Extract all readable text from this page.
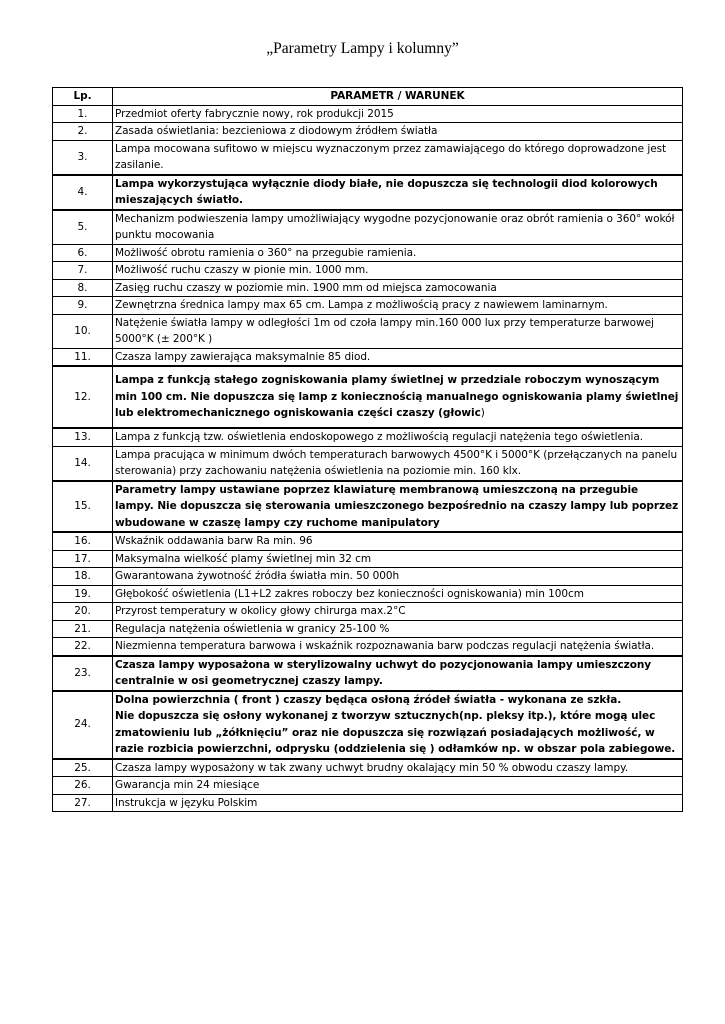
„Parametry Lampy i kolumny”
Lp.	PARAMETR / WARUNEK
1.	Przedmiot oferty fabrycznie nowy, rok produkcji 2015
2.	Zasada oświetlania: bezcieniowa z diodowym źródłem światła
3.	Lampa mocowana sufitowo w miejscu wyznaczonym przez zamawiającego do którego doprowadzone jest zasilanie.
4.	Lampa wykorzystująca wyłącznie diody białe, nie dopuszcza się technologii diod kolorowych mieszających światło.
5.	Mechanizm podwieszenia lampy umożliwiający wygodne pozycjonowanie oraz obrót ramienia o 360° wokół punktu mocowania
6.	Możliwość obrotu ramienia o 360° na przegubie ramienia.
7.	Możliwość ruchu czaszy w pionie min. 1000 mm.
8.	Zasięg ruchu czaszy w poziomie min. 1900 mm od miejsca zamocowania
9.	Zewnętrzna średnica lampy max 65 cm. Lampa z możliwością pracy z nawiewem laminarnym.
10.	Natężenie światła lampy w odległości 1m od czoła lampy min.160 000 lux przy temperaturze barwowej 5000°K (± 200°K )
11.	Czasza lampy zawierająca maksymalnie 85 diod.
12.	Lampa z funkcją stałego zogniskowania plamy świetlnej w przedziale roboczym wynoszącym min 100 cm. Nie dopuszcza się lamp z koniecznością manualnego ogniskowania plamy świetlnej lub elektromechanicznego ogniskowania części czaszy (głowic)
13.	Lampa z funkcją tzw. oświetlenia endoskopowego z możliwością regulacji natężenia tego oświetlenia.
14.	Lampa pracująca w minimum dwóch temperaturach barwowych 4500°K i 5000°K (przełączanych na panelu sterowania) przy zachowaniu natężenia oświetlenia na poziomie min. 160 klx.
15.	Parametry lampy ustawiane poprzez klawiaturę membranową umieszczoną na przegubie lampy. Nie dopuszcza się sterowania umieszczonego bezpośrednio na czaszy lampy lub poprzez wbudowane w czaszę lampy czy ruchome manipulatory
16.	Wskaźnik oddawania barw Ra min. 96
17.	Maksymalna wielkość plamy świetlnej min 32 cm
18.	Gwarantowana żywotność źródła światła min. 50 000h
19.	Głębokość oświetlenia (L1+L2 zakres roboczy bez konieczności ogniskowania) min 100cm
20.	Przyrost temperatury w okolicy głowy chirurga max.2°C
21.	Regulacja natężenia oświetlenia w granicy 25-100 %
22.	Niezmienna temperatura barwowa i wskaźnik rozpoznawania barw podczas regulacji natężenia światła.
23.	Czasza lampy wyposażona w sterylizowalny uchwyt do pozycjonowania lampy umieszczony centralnie w osi geometrycznej czaszy lampy.
24.	Dolna powierzchnia ( front ) czaszy będąca osłoną źródeł światła - wykonana ze szkła.
Nie dopuszcza się osłony wykonanej z tworzyw sztucznych(np. pleksy itp.), które mogą ulec zmatowieniu lub „żółknięciu” oraz nie dopuszcza się rozwiązań posiadających możliwość, w razie rozbicia powierzchni, odprysku (oddzielenia się ) odłamków np. w obszar pola zabiegowe.

25.	Czasza lampy wyposażony w tak zwany uchwyt brudny okalający min 50 % obwodu czaszy lampy.
26.	Gwarancja min 24 miesiące
27.	Instrukcja w języku Polskim
